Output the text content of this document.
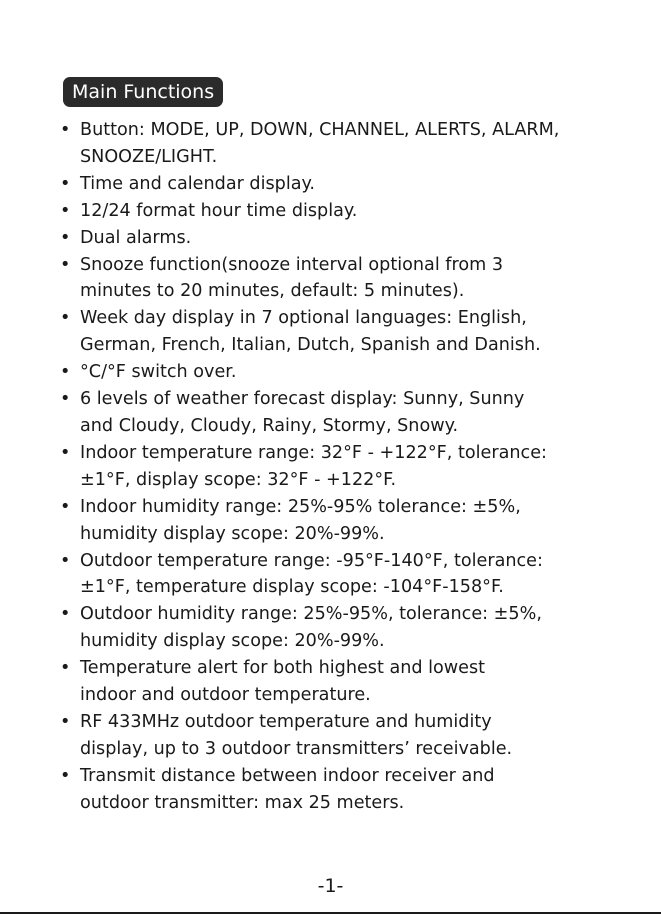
Main Functions
• Button: MODE, UP, DOWN, CHANNEL, ALERTS, ALARM,
SNOOZE/LIGHT.
• Time and calendar display.
• 12/24 format hour time display.
• Dual alarms.
• Snooze function(snooze interval optional from 3
minutes to 20 minutes, default: 5 minutes).
• Week day display in 7 optional languages: English,
German, French, Italian, Dutch, Spanish and Danish.
• °C/°F switch over.
• 6 levels of weather forecast display: Sunny, Sunny
and Cloudy, Cloudy, Rainy, Stormy, Snowy.
• Indoor temperature range: 32°F - +122°F, tolerance:
±1°F, display scope: 32°F - +122°F.
• Indoor humidity range: 25%-95% tolerance: ±5%,
humidity display scope: 20%-99%.
• Outdoor temperature range: -95°F-140°F, tolerance:
±1°F, temperature display scope: -104°F-158°F.
• Outdoor humidity range: 25%-95%, tolerance: ±5%,
humidity display scope: 20%-99%.
• Temperature alert for both highest and lowest
indoor and outdoor temperature.
• RF 433MHz outdoor temperature and humidity
display, up to 3 outdoor transmitters’ receivable.
• Transmit distance between indoor receiver and
outdoor transmitter: max 25 meters.
-1-
